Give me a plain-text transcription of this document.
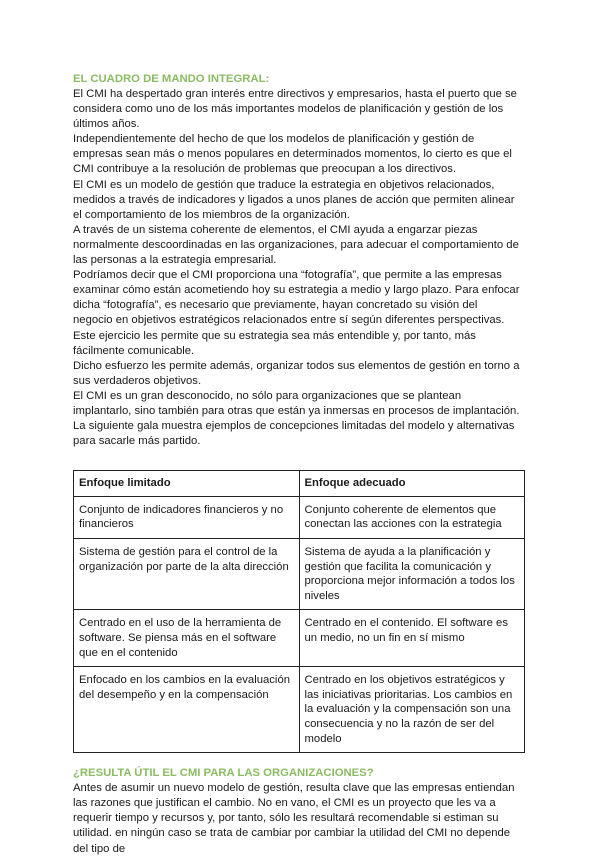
EL CUADRO DE MANDO INTEGRAL:

El CMI ha despertado gran interés entre directivos y empresarios, hasta el puerto que se considera como uno de los más importantes modelos de planificación y gestión de los últimos años.

Independientemente del hecho de que los modelos de planificación y gestión de empresas sean más o menos populares en determinados momentos, lo cierto es que el CMI contribuye a la resolución de problemas que preocupan a los directivos.

El CMI es un modelo de gestión que traduce la estrategia en objetivos relacionados, medidos a través de indicadores y ligados a unos planes de acción que permiten alinear el comportamiento de los miembros de la organización.

A través de un sistema coherente de elementos, el CMI ayuda a engarzar piezas normalmente descoordinadas en las organizaciones, para adecuar el comportamiento de las personas a la estrategia empresarial.

Podríamos decir que el CMI proporciona una “fotografía”, que permite a las empresas examinar cómo están acometiendo hoy su estrategia a medio y largo plazo. Para enfocar dicha “fotografía”, es necesario que previamente, hayan concretado su visión del negocio en objetivos estratégicos relacionados entre sí según diferentes perspectivas. Este ejercicio les permite que su estrategia sea más entendible y, por tanto, más fácilmente comunicable.

Dicho esfuerzo les permite además, organizar todos sus elementos de gestión en torno a sus verdaderos objetivos.

El CMI es un gran desconocido, no sólo para organizaciones que se plantean implantarlo, sino también para otras que están ya inmersas en procesos de implantación. La siguiente gala muestra ejemplos de concepciones limitadas del modelo y alternativas para sacarle más partido.

Enfoque limitado	Enfoque adecuado
Conjunto de indicadores financieros y no financieros	Conjunto coherente de elementos que conectan las acciones con la estrategia
Sistema de gestión para el control de la organización por parte de la alta dirección	Sistema de ayuda a la planificación y gestión que facilita la comunicación y proporciona mejor información a todos los niveles
Centrado en el uso de la herramienta de software. Se piensa más en el software que en el contenido	Centrado en el contenido. El software es un medio, no un fin en sí mismo
Enfocado en los cambios en la evaluación del desempeño y en la compensación	Centrado en los objetivos estratégicos y las iniciativas prioritarias. Los cambios en la evaluación y la compensación son una consecuencia y no la razón de ser del modelo
¿RESULTA ÚTIL EL CMI PARA LAS ORGANIZACIONES?

Antes de asumir un nuevo modelo de gestión, resulta clave que las empresas entiendan las razones que justifican el cambio. No en vano, el CMI es un proyecto que les va a requerir tiempo y recursos y, por tanto, sólo les resultará recomendable si estiman su utilidad. en ningún caso se trata de cambiar por cambiar la utilidad del CMI no depende del tipo de
